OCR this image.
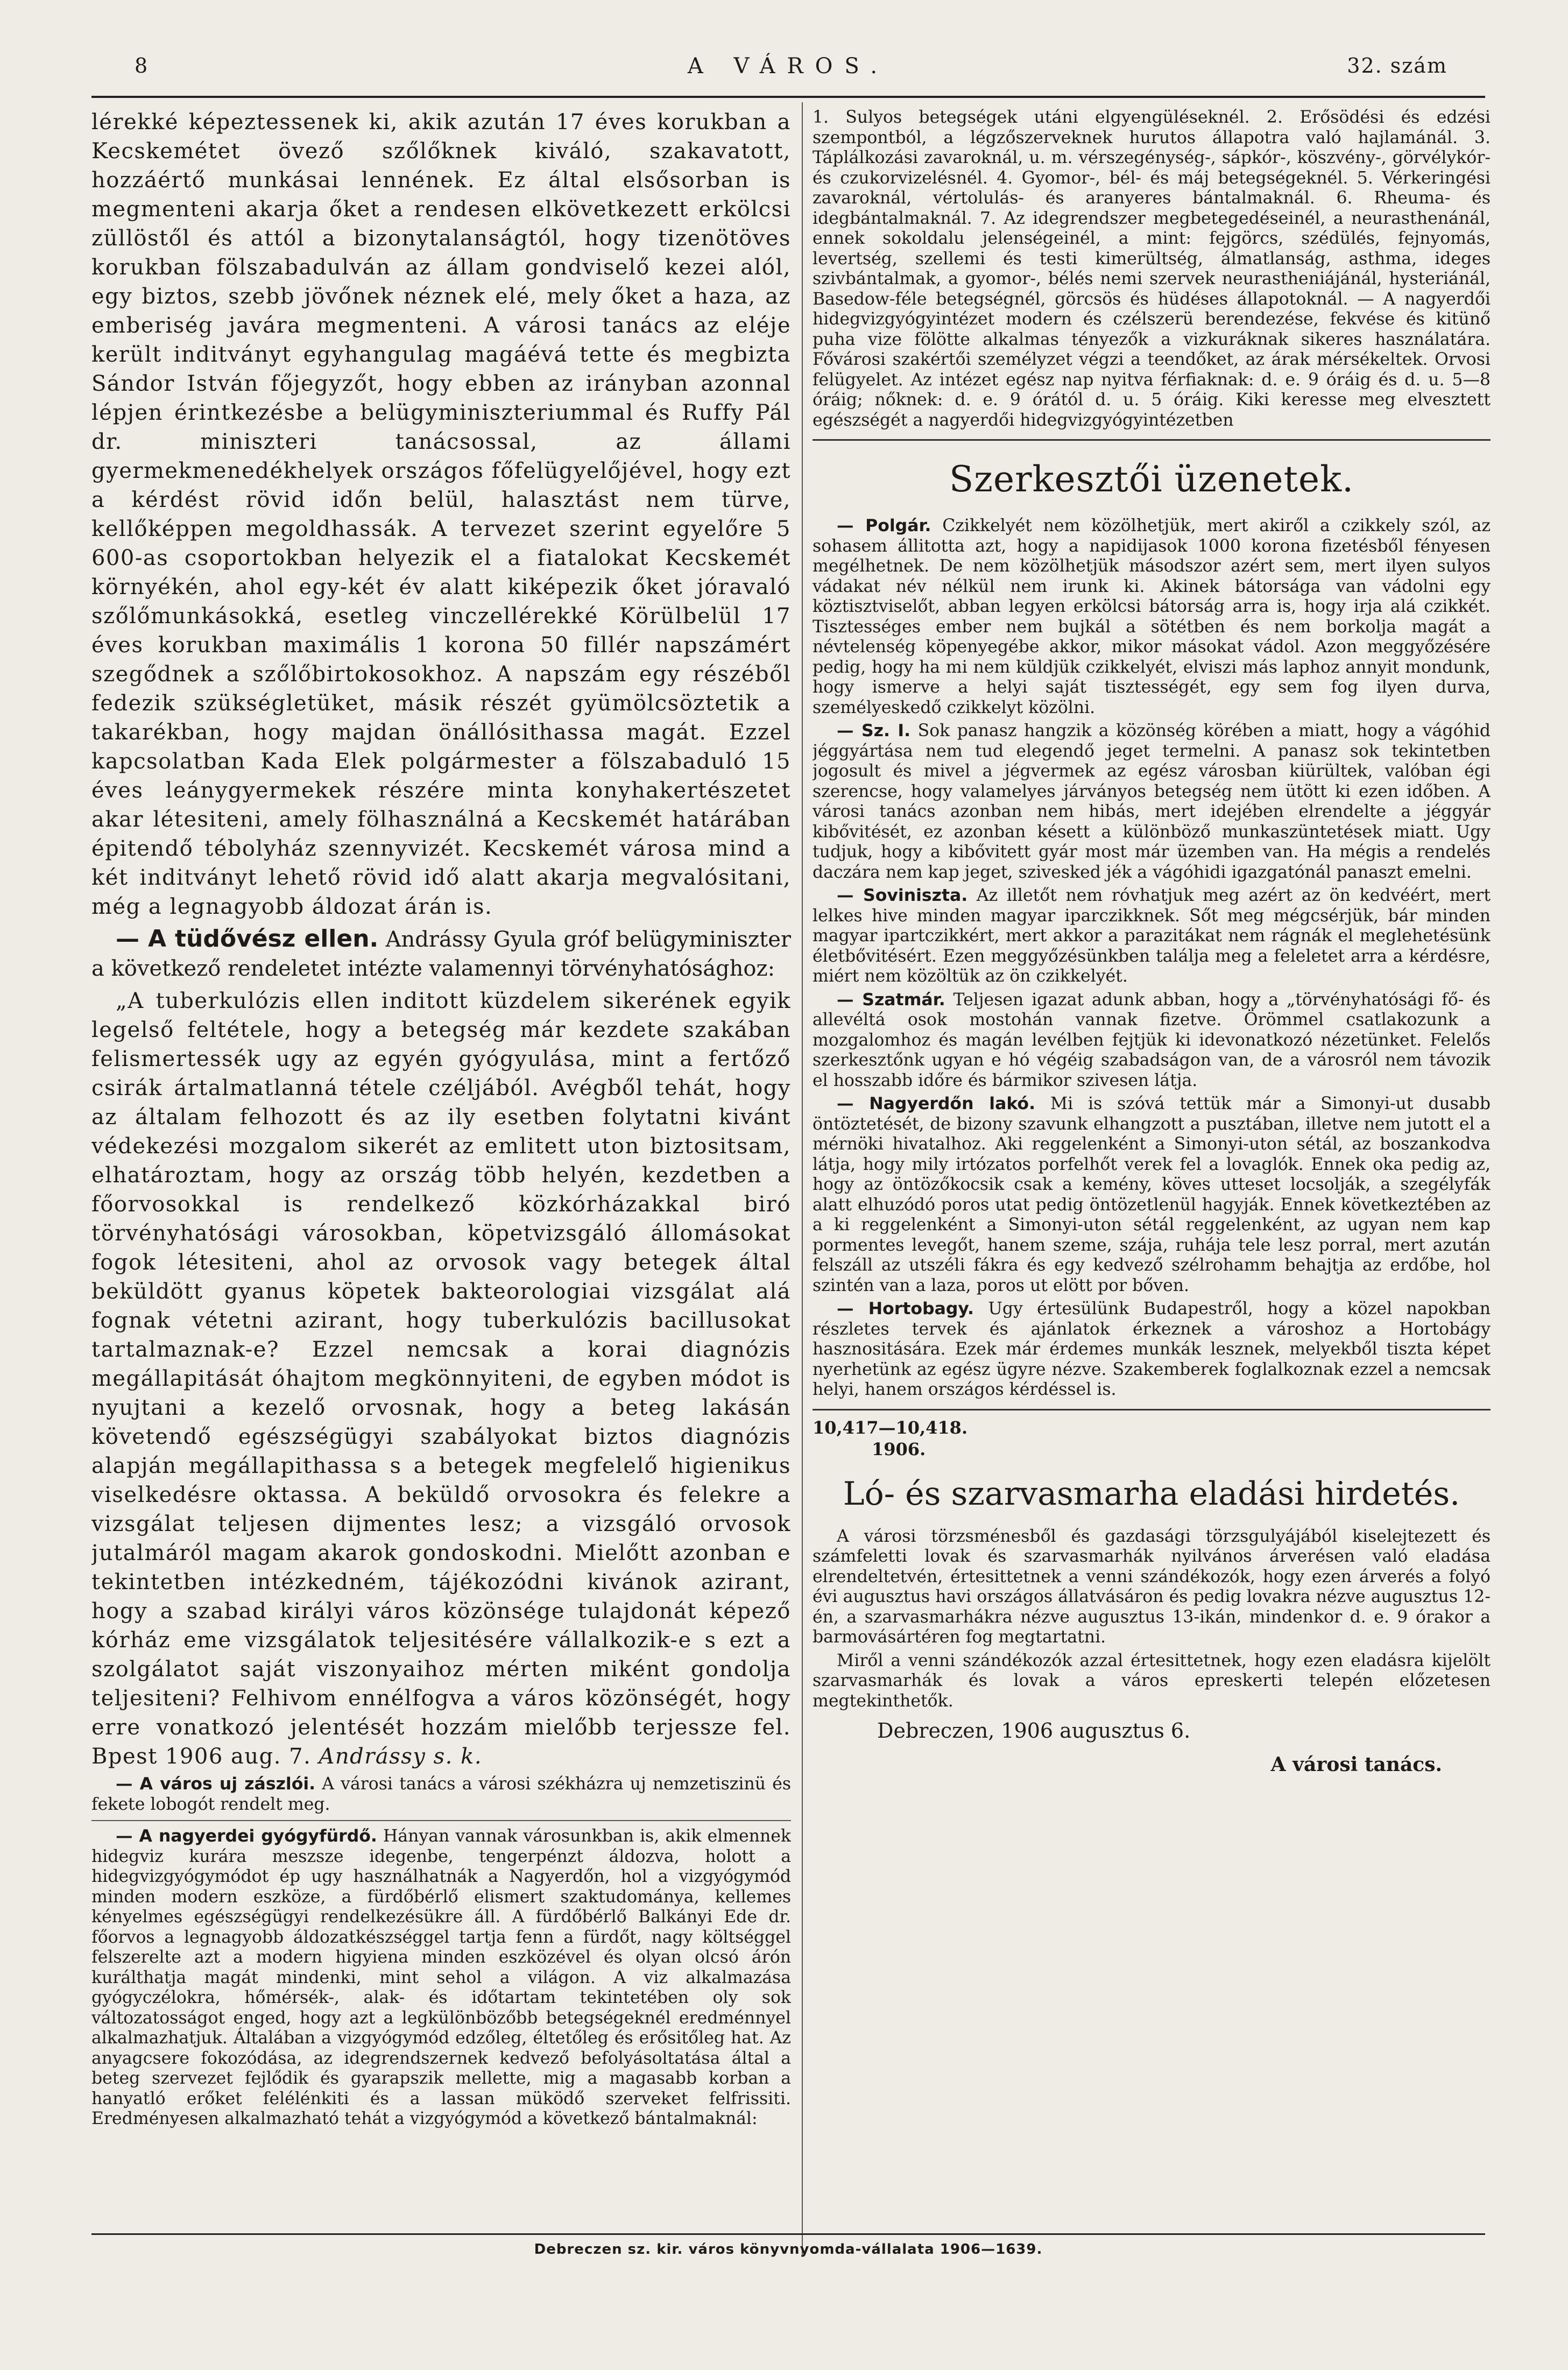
8	A VÁROS.	32. szám

lérekké képeztessenek ki, akik azután 17 éves korukban a Kecskemétet övező szőlőknek kiváló, szakavatott, hozzáértő munkásai lennének. Ez által elsősorban is megmenteni akarja őket a rendesen elkövetkezett erkölcsi züllöstől és attól a bizonytalanságtól, hogy tizenötöves korukban fölszabadulván az állam gondviselő kezei alól, egy biztos, szebb jövőnek néznek elé, mely őket a haza, az emberiség javára megmenteni. A városi tanács az eléje került inditványt egyhangulag magáévá tette és megbizta Sándor István főjegyzőt, hogy ebben az irányban azonnal lépjen érintkezésbe a belügyminiszteriummal és Ruffy Pál dr. miniszteri tanácsossal, az állami gyermekmenedékhelyek országos főfelügyelőjével, hogy ezt a kérdést rövid időn belül, halasztást nem türve, kellőképpen megoldhassák. A tervezet szerint egyelőre 5 600-as csoportokban helyezik el a fiatalokat Kecskemét környékén, ahol egy-két év alatt kiképezik őket jóravaló szőlőmunkásokká, esetleg vinczellérekké Körülbelül 17 éves korukban maximális 1 korona 50 fillér napszámért szegődnek a szőlőbirtokosokhoz. A napszám egy részéből fedezik szükségletüket, másik részét gyümölcsöztetik a takarékban, hogy majdan önállósithassa magát. Ezzel kapcsolatban Kada Elek polgármester a fölszabaduló 15 éves leánygyermekek részére minta konyhakertészetet akar létesiteni, amely fölhasználná a Kecskemét határában épitendő tébolyház szennyvizét. Kecskemét városa mind a két inditványt lehető rövid idő alatt akarja megvalósitani, még a legnagyobb áldozat árán is.

— A tüdővész ellen. Andrássy Gyula gróf belügyminiszter a következő rendeletet intézte valamennyi törvényhatósághoz:

„A tuberkulózis ellen inditott küzdelem sikerének egyik legelső feltétele, hogy a betegség már kezdete szakában felismertessék ugy az egyén gyógyulása, mint a fertőző csirák ártalmatlanná tétele czéljából. Avégből tehát, hogy az általam felhozott és az ily esetben folytatni kivánt védekezési mozgalom sikerét az emlitett uton biztositsam, elhatároztam, hogy az ország több helyén, kezdetben a főorvosokkal is rendelkező közkórházakkal biró törvényhatósági városokban, köpetvizsgáló állomásokat fogok létesiteni, ahol az orvosok vagy betegek által beküldött gyanus köpetek bakteorologiai vizsgálat alá fognak vétetni azirant, hogy tuberkulózis bacillusokat tartalmaznak-e? Ezzel nemcsak a korai diagnózis megállapitását óhajtom megkönnyiteni, de egyben módot is nyujtani a kezelő orvosnak, hogy a beteg lakásán követendő egészségügyi szabályokat biztos diagnózis alapján megállapithassa s a betegek megfelelő higienikus viselkedésre oktassa. A beküldő orvosokra és felekre a vizsgálat teljesen dijmentes lesz; a vizsgáló orvosok jutalmáról magam akarok gondoskodni. Mielőtt azonban e tekintetben intézkedném, tájékozódni kivánok azirant, hogy a szabad királyi város közönsége tulajdonát képező kórház eme vizsgálatok teljesitésére vállalkozik-e s ezt a szolgálatot saját viszonyaihoz mérten miként gondolja teljesiteni? Felhivom ennélfogva a város közönségét, hogy erre vonatkozó jelentését hozzám mielőbb terjessze fel. Bpest 1906 aug. 7. Andrássy s. k.

— A város uj zászlói. A városi tanács a városi székházra uj nemzetiszinü és fekete lobogót rendelt meg.

— A nagyerdei gyógyfürdő. Hányan vannak városunkban is, akik elmennek hidegviz kurára meszsze idegenbe, tengerpénzt áldozva, holott a hidegvizgyógymódot ép ugy használhatnák a Nagyerdőn, hol a vizgyógymód minden modern eszköze, a fürdőbérlő elismert szaktudománya, kellemes kényelmes egészségügyi rendelkezésükre áll. A fürdőbérlő Balkányi Ede dr. főorvos a legnagyobb áldozatkészséggel tartja fenn a fürdőt, nagy költséggel felszerelte azt a modern higyiena minden eszközével és olyan olcsó árón kurálthatja magát mindenki, mint sehol a világon. A viz alkalmazása gyógyczélokra, hőmérsék-, alak- és időtartam tekintetében oly sok változatosságot enged, hogy azt a legkülönbözőbb betegségeknél eredménnyel alkalmazhatjuk. Általában a vizgyógymód edzőleg, éltetőleg és erősitőleg hat. Az anyagcsere fokozódása, az idegrendszernek kedvező befolyásoltatása által a beteg szervezet fejlődik és gyarapszik mellette, mig a magasabb korban a hanyatló erőket felélénkiti és a lassan müködő szerveket felfrissiti. Eredményesen alkalmazható tehát a vizgyógymód a következő bántalmaknál:

1. Sulyos betegségek utáni elgyengüléseknél. 2. Erősödési és edzési szempontból, a légzőszerveknek hurutos állapotra való hajlamánál. 3. Táplálkozási zavaroknál, u. m. vérszegénység-, sápkór-, köszvény-, görvélykór- és czukorvizelésnél. 4. Gyomor-, bél- és máj betegségeknél. 5. Vérkeringési zavaroknál, vértolulás- és aranyeres bántalmaknál. 6. Rheuma- és idegbántalmaknál. 7. Az idegrendszer megbetegedéseinél, a neurasthenánál, ennek sokoldalu jelenségeinél, a mint: fejgörcs, szédülés, fejnyomás, levertség, szellemi és testi kimerültség, álmatlanság, asthma, ideges szivbántalmak, a gyomor-, bélés nemi szervek neurastheniájánál, hysteriánál, Basedow-féle betegségnél, görcsös és hüdéses állapotoknál. — A nagyerdői hidegvizgyógyintézet modern és czélszerü berendezése, fekvése és kitünő puha vize fölötte alkalmas tényezők a vizkuráknak sikeres használatára. Fővárosi szakértői személyzet végzi a teendőket, az árak mérsékeltek. Orvosi felügyelet. Az intézet egész nap nyitva férfiaknak: d. e. 9 óráig és d. u. 5—8 óráig; nőknek: d. e. 9 órától d. u. 5 óráig. Kiki keresse meg elvesztett egészségét a nagyerdői hidegvizgyógyintézetben

Szerkesztői üzenetek.

— Polgár. Czikkelyét nem közölhetjük, mert akiről a czikkely szól, az sohasem állitotta azt, hogy a napidijasok 1000 korona fizetésből fényesen megélhetnek. De nem közölhetjük másodszor azért sem, mert ilyen sulyos vádakat név nélkül nem irunk ki. Akinek bátorsága van vádolni egy köztisztviselőt, abban legyen erkölcsi bátorság arra is, hogy irja alá czikkét. Tisztességes ember nem bujkál a sötétben és nem borkolja magát a névtelenség köpenyegébe akkor, mikor másokat vádol. Azon meggyőzésére pedig, hogy ha mi nem küldjük czikkelyét, elviszi más laphoz annyit mondunk, hogy ismerve a helyi saját tisztességét, egy sem fog ilyen durva, személyeskedő czikkelyt közölni.

— Sz. I. Sok panasz hangzik a közönség körében a miatt, hogy a vágóhid jéggyártása nem tud elegendő jeget termelni. A panasz sok tekintetben jogosult és mivel a jégvermek az egész városban kiürültek, valóban égi szerencse, hogy valamelyes járványos betegség nem ütött ki ezen időben. A városi tanács azonban nem hibás, mert idejében elrendelte a jéggyár kibővitését, ez azonban késett a különböző munkaszüntetések miatt. Ugy tudjuk, hogy a kibővitett gyár most már üzemben van. Ha mégis a rendelés daczára nem kap jeget, szivesked jék a vágóhidi igazgatónál panaszt emelni.

— Soviniszta. Az illetőt nem róvhatjuk meg azért az ön kedvéért, mert lelkes hive minden magyar iparczikknek. Sőt meg mégcsérjük, bár minden magyar ipartczikkért, mert akkor a parazitákat nem rágnák el meglehetésünk életbővitésért. Ezen meggyőzésünkben találja meg a feleletet arra a kérdésre, miért nem közöltük az ön czikkelyét.

— Szatmár. Teljesen igazat adunk abban, hogy a „törvényhatósági fő- és allevéltá osok mostohán vannak fizetve. Örömmel csatlakozunk a mozgalomhoz és magán levélben fejtjük ki idevonatkozó nézetünket. Felelős szerkesztőnk ugyan e hó végéig szabadságon van, de a városról nem távozik el hosszabb időre és bármikor szivesen látja.

— Nagyerdőn lakó. Mi is szóvá tettük már a Simonyi-ut dusabb öntöztetését, de bizony szavunk elhangzott a pusztában, illetve nem jutott el a mérnöki hivatalhoz. Aki reggelenként a Simonyi-uton sétál, az boszankodva látja, hogy mily irtózatos porfelhőt verek fel a lovaglók. Ennek oka pedig az, hogy az öntözőkocsik csak a kemény, köves utteset locsolják, a szegélyfák alatt elhuzódó poros utat pedig öntözetlenül hagyják. Ennek következtében az a ki reggelenként a Simonyi-uton sétál reggelenként, az ugyan nem kap pormentes levegőt, hanem szeme, szája, ruhája tele lesz porral, mert azután felszáll az utszéli fákra és egy kedvező szélrohamm behajtja az erdőbe, hol szintén van a laza, poros ut elött por bőven.

— Hortobagy. Ugy értesülünk Budapestről, hogy a közel napokban részletes tervek és ajánlatok érkeznek a városhoz a Hortobágy hasznositására. Ezek már érdemes munkák lesznek, melyekből tiszta képet nyerhetünk az egész ügyre nézve. Szakemberek foglalkoznak ezzel a nemcsak helyi, hanem országos kérdéssel is.

10,417—10,418.
1906.
Ló- és szarvasmarha eladási hirdetés.

A városi törzsménesből és gazdasági törzsgulyájából kiselejtezett és számfeletti lovak és szarvasmarhák nyilvános árverésen való eladása elrendeltetvén, értesittetnek a venni szándékozók, hogy ezen árverés a folyó évi augusztus havi országos állatvásáron és pedig lovakra nézve augusztus 12-én, a szarvasmarhákra nézve augusztus 13-ikán, mindenkor d. e. 9 órakor a barmovásártéren fog megtartatni.

Miről a venni szándékozók azzal értesittetnek, hogy ezen eladásra kijelölt szarvasmarhák és lovak a város epreskerti telepén előzetesen megtekinthetők.

Debreczen, 1906 augusztus 6.
A városi tanács.
Debreczen sz. kir. város könyvnyomda-vállalata 1906—1639.
